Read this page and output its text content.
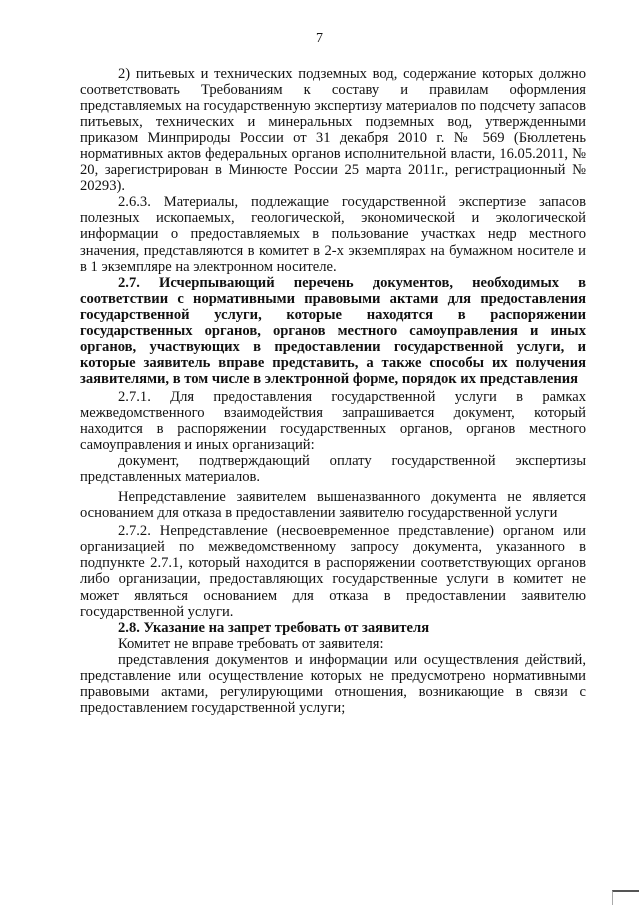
7

2) питьевых и технических подземных вод, содержание которых должно соответствовать Требованиям к составу и правилам оформления представляемых на государственную экспертизу материалов по подсчету запасов питьевых, технических и минеральных подземных вод, утвержденными приказом Минприроды России от 31 декабря 2010 г. № 569 (Бюллетень нормативных актов федеральных органов исполнительной власти, 16.05.2011, № 20, зарегистрирован в Минюсте России 25 марта 2011г., регистрационный № 20293).

2.6.3. Материалы, подлежащие государственной экспертизе запасов полезных ископаемых, геологической, экономической и экологической информации о предоставляемых в пользование участках недр местного значения, представляются в комитет в 2-х экземплярах на бумажном носителе и в 1 экземпляре на электронном носителе.

2.7. Исчерпывающий перечень документов, необходимых в соответствии с нормативными правовыми актами для предоставления государственной услуги, которые находятся в распоряжении государственных органов, органов местного самоуправления и иных органов, участвующих в предоставлении государственной услуги, и которые заявитель вправе представить, а также способы их получения заявителями, в том числе в электронной форме, порядок их представления

2.7.1. Для предоставления государственной услуги в рамках межведомственного взаимодействия запрашивается документ, который находится в распоряжении государственных органов, органов местного самоуправления и иных организаций:

документ, подтверждающий оплату государственной экспертизы представленных материалов.

Непредставление заявителем вышеназванного документа не является основанием для отказа в предоставлении заявителю государственной услуги

2.7.2. Непредставление (несвоевременное представление) органом или организацией по межведомственному запросу документа, указанного в подпункте 2.7.1, который находится в распоряжении соответствующих органов либо организации, предоставляющих государственные услуги в комитет не может являться основанием для отказа в предоставлении заявителю государственной услуги.

2.8. Указание на запрет требовать от заявителя

Комитет не вправе требовать от заявителя:

представления документов и информации или осуществления действий, представление или осуществление которых не предусмотрено нормативными правовыми актами, регулирующими отношения, возникающие в связи с предоставлением государственной услуги;
